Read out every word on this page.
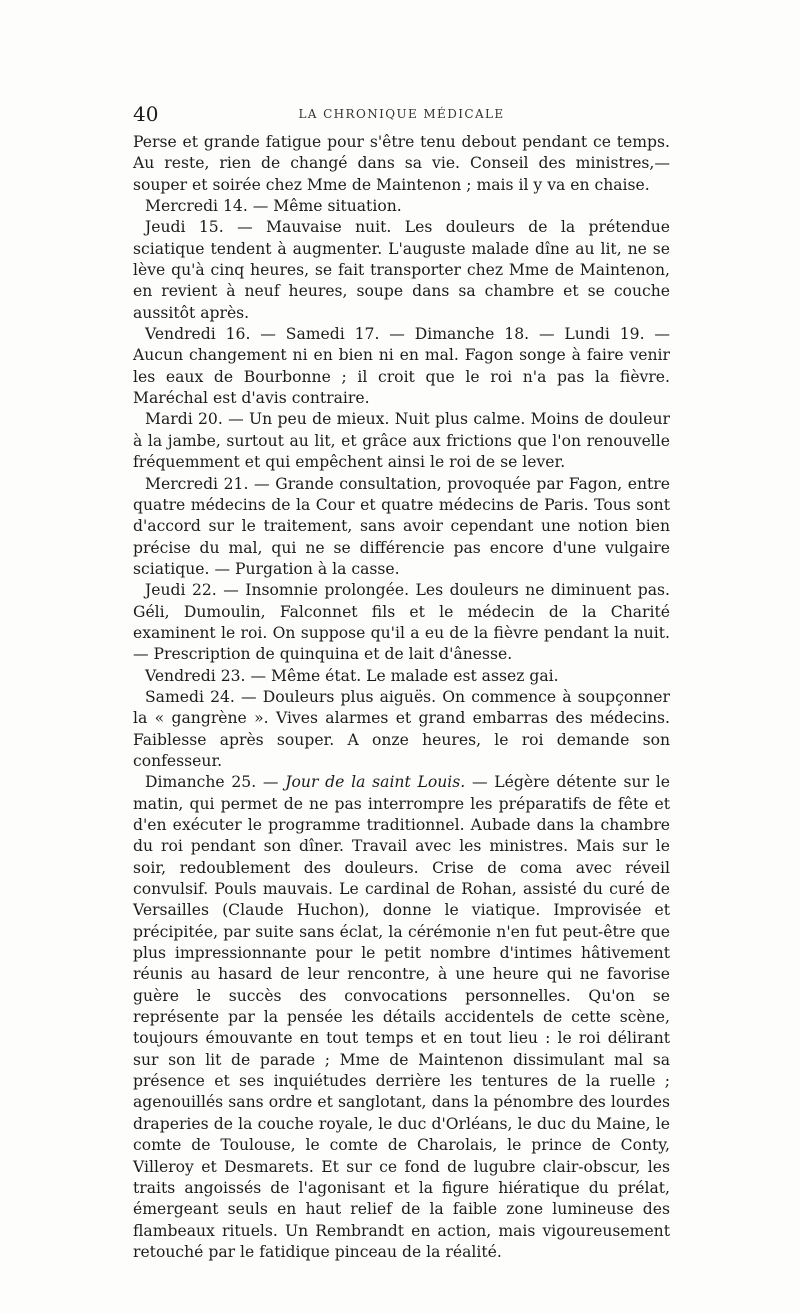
40	LA CHRONIQUE MÉDICALE

Perse et grande fatigue pour s'être tenu debout pendant ce temps. Au reste, rien de changé dans sa vie. Conseil des ministres,— souper et soirée chez Mme de Maintenon ; mais il y va en chaise.

Mercredi 14. — Même situation.

Jeudi 15. — Mauvaise nuit. Les douleurs de la prétendue sciatique tendent à augmenter. L'auguste malade dîne au lit, ne se lève qu'à cinq heures, se fait transporter chez Mme de Maintenon, en revient à neuf heures, soupe dans sa chambre et se couche aussitôt après.

Vendredi 16. — Samedi 17. — Dimanche 18. — Lundi 19. — Aucun changement ni en bien ni en mal. Fagon songe à faire venir les eaux de Bourbonne ; il croit que le roi n'a pas la fièvre. Maréchal est d'avis contraire.

Mardi 20. — Un peu de mieux. Nuit plus calme. Moins de douleur à la jambe, surtout au lit, et grâce aux frictions que l'on renouvelle fréquemment et qui empêchent ainsi le roi de se lever.

Mercredi 21. — Grande consultation, provoquée par Fagon, entre quatre médecins de la Cour et quatre médecins de Paris. Tous sont d'accord sur le traitement, sans avoir cependant une notion bien précise du mal, qui ne se différencie pas encore d'une vulgaire sciatique. — Purgation à la casse.

Jeudi 22. — Insomnie prolongée. Les douleurs ne diminuent pas. Géli, Dumoulin, Falconnet fils et le médecin de la Charité examinent le roi. On suppose qu'il a eu de la fièvre pendant la nuit. — Prescription de quinquina et de lait d'ânesse.

Vendredi 23. — Même état. Le malade est assez gai.

Samedi 24. — Douleurs plus aiguës. On commence à soupçonner la « gangrène ». Vives alarmes et grand embarras des médecins. Faiblesse après souper. A onze heures, le roi demande son confesseur.

Dimanche 25. — Jour de la saint Louis. — Légère détente sur le matin, qui permet de ne pas interrompre les préparatifs de fête et d'en exécuter le programme traditionnel. Aubade dans la chambre du roi pendant son dîner. Travail avec les ministres. Mais sur le soir, redoublement des douleurs. Crise de coma avec réveil convulsif. Pouls mauvais. Le cardinal de Rohan, assisté du curé de Versailles (Claude Huchon), donne le viatique. Improvisée et précipitée, par suite sans éclat, la cérémonie n'en fut peut-être que plus impressionnante pour le petit nombre d'intimes hâtivement réunis au hasard de leur rencontre, à une heure qui ne favorise guère le succès des convocations personnelles. Qu'on se représente par la pensée les détails accidentels de cette scène, toujours émouvante en tout temps et en tout lieu : le roi délirant sur son lit de parade ; Mme de Maintenon dissimulant mal sa présence et ses inquiétudes derrière les tentures de la ruelle ; agenouillés sans ordre et sanglotant, dans la pénombre des lourdes draperies de la couche royale, le duc d'Orléans, le duc du Maine, le comte de Toulouse, le comte de Charolais, le prince de Conty, Villeroy et Desmarets. Et sur ce fond de lugubre clair-obscur, les traits angoissés de l'agonisant et la figure hiératique du prélat, émergeant seuls en haut relief de la faible zone lumineuse des flambeaux rituels. Un Rembrandt en action, mais vigoureusement retouché par le fatidique pinceau de la réalité.
